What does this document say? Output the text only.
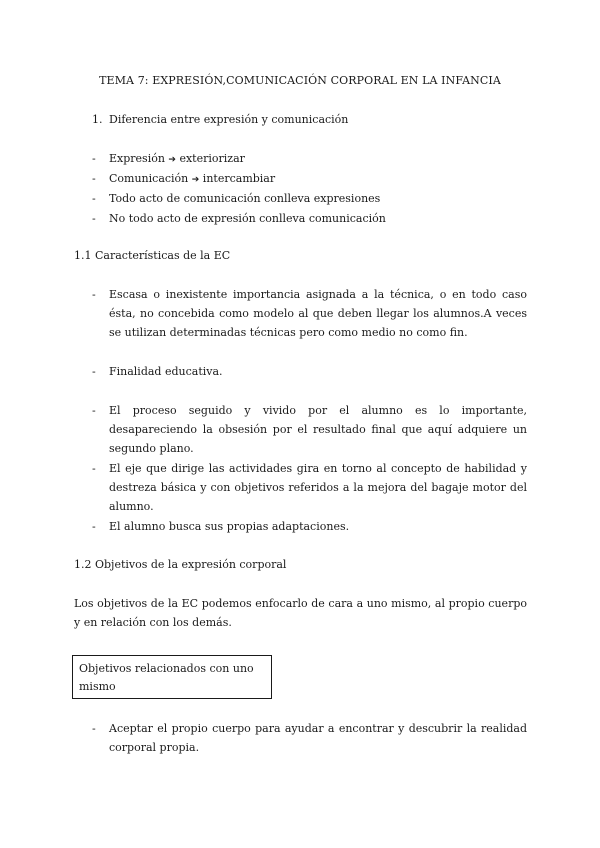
TEMA 7: EXPRESIÓN,COMUNICACIÓN CORPORAL EN LA INFANCIA
1. Diferencia entre expresión y comunicación
- Expresión ➔ exteriorizar
- Comunicación ➔ intercambiar
- Todo acto de comunicación conlleva expresiones
- No todo acto de expresión conlleva comunicación
1.1 Características de la EC
- Escasa o inexistente importancia asignada a la técnica, o en todo caso ésta, no concebida como modelo al que deben llegar los alumnos.A veces se utilizan determinadas técnicas pero como medio no como fin.
- Finalidad educativa.
- El proceso seguido y vivido por el alumno es lo importante, desapareciendo la obsesión por el resultado final que aquí adquiere un segundo plano.
- El eje que dirige las actividades gira en torno al concepto de habilidad y destreza básica y con objetivos referidos a la mejora del bagaje motor del alumno.
- El alumno busca sus propias adaptaciones.
1.2 Objetivos de la expresión corporal
Los objetivos de la EC podemos enfocarlo de cara a uno mismo, al propio cuerpo y en relación con los demás.
Objetivos relacionados con uno mismo
- Aceptar el propio cuerpo para ayudar a encontrar y descubrir la realidad corporal propia.
